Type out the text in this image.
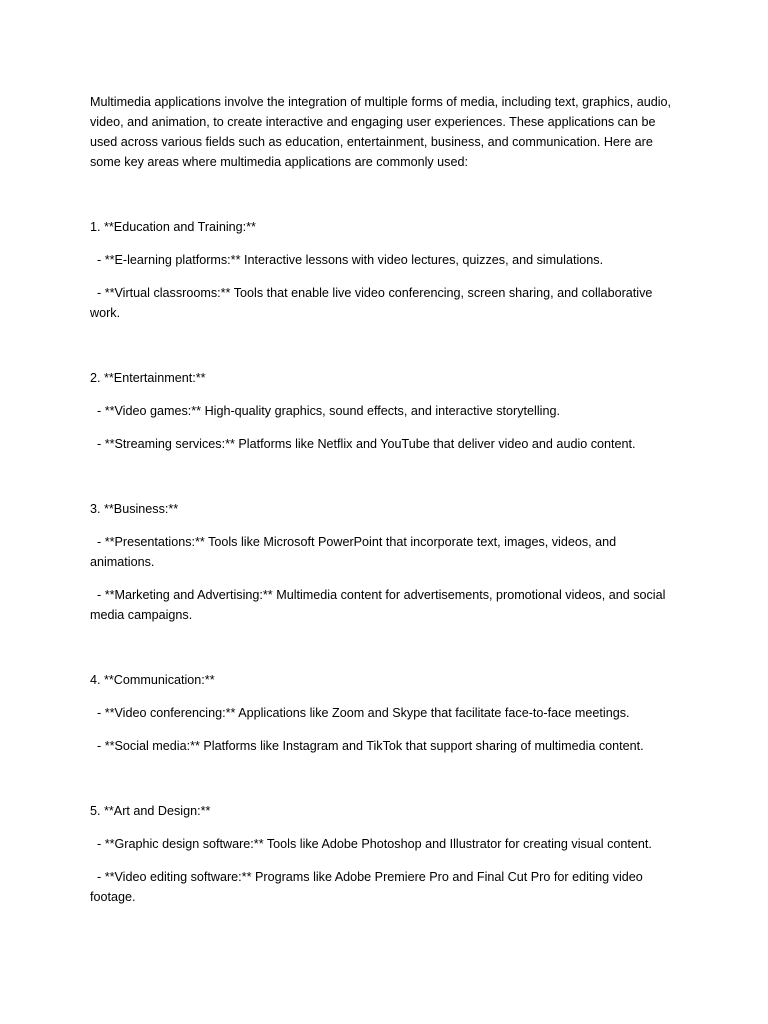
Multimedia applications involve the integration of multiple forms of media, including text, graphics, audio, video, and animation, to create interactive and engaging user experiences. These applications can be used across various fields such as education, entertainment, business, and communication. Here are some key areas where multimedia applications are commonly used:

1. **Education and Training:**

- **E-learning platforms:** Interactive lessons with video lectures, quizzes, and simulations.

- **Virtual classrooms:** Tools that enable live video conferencing, screen sharing, and collaborative work.

2. **Entertainment:**

- **Video games:** High-quality graphics, sound effects, and interactive storytelling.

- **Streaming services:** Platforms like Netflix and YouTube that deliver video and audio content.

3. **Business:**

- **Presentations:** Tools like Microsoft PowerPoint that incorporate text, images, videos, and animations.

- **Marketing and Advertising:** Multimedia content for advertisements, promotional videos, and social media campaigns.

4. **Communication:**

- **Video conferencing:** Applications like Zoom and Skype that facilitate face-to-face meetings.

- **Social media:** Platforms like Instagram and TikTok that support sharing of multimedia content.

5. **Art and Design:**

- **Graphic design software:** Tools like Adobe Photoshop and Illustrator for creating visual content.

- **Video editing software:** Programs like Adobe Premiere Pro and Final Cut Pro for editing video footage.
